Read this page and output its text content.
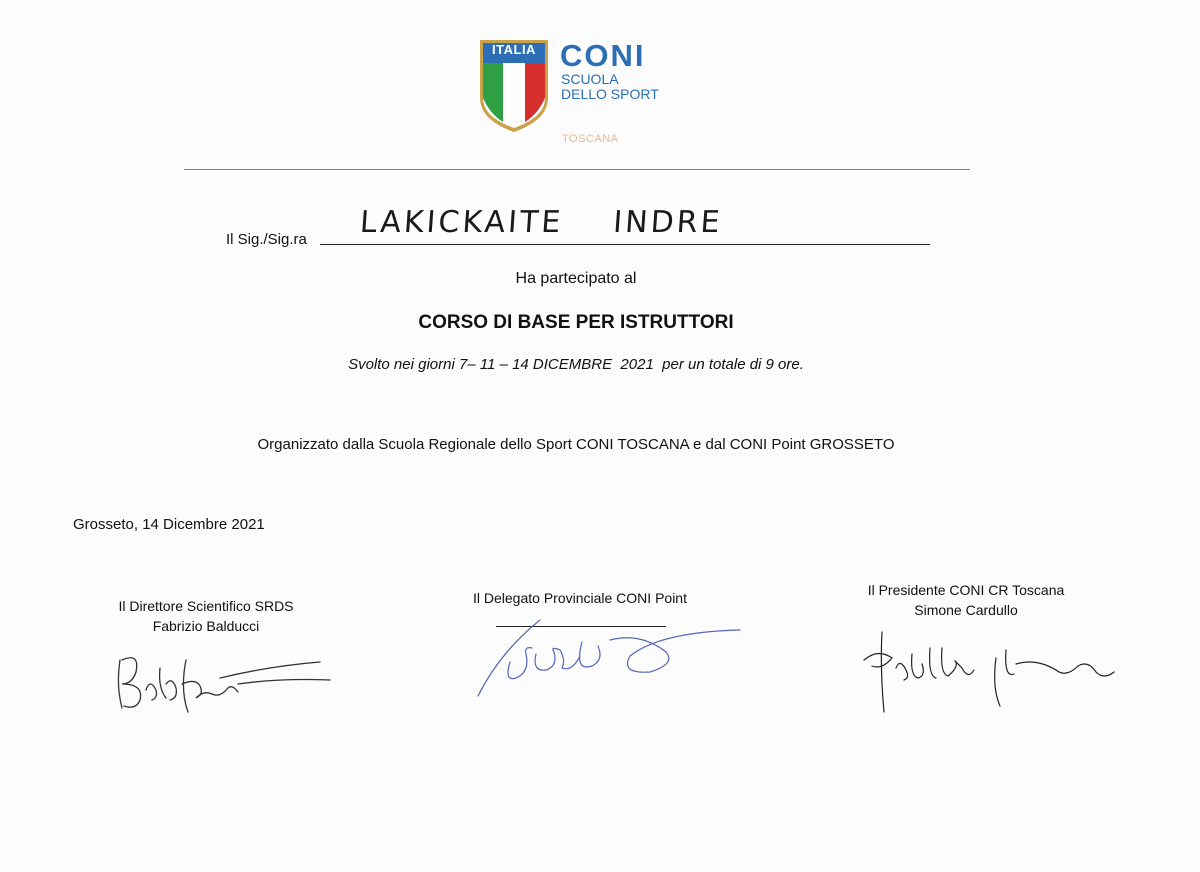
ITALIA CONI
SCUOLA
DELLO SPORT
TOSCANA
Il Sig./Sig.ra LAKICKAITE    INDRE
Ha partecipato al
CORSO DI BASE PER ISTRUTTORI
Svolto nei giorni 7– 11 – 14 DICEMBRE  2021  per un totale di 9 ore.
Organizzato dalla Scuola Regionale dello Sport CONI TOSCANA e dal CONI Point GROSSETO
Grosseto, 14 Dicembre 2021
Il Direttore Scientifico SRDS
Fabrizio Balducci
Il Delegato Provinciale CONI Point	Il Presidente CONI CR Toscana
Simone Cardullo
